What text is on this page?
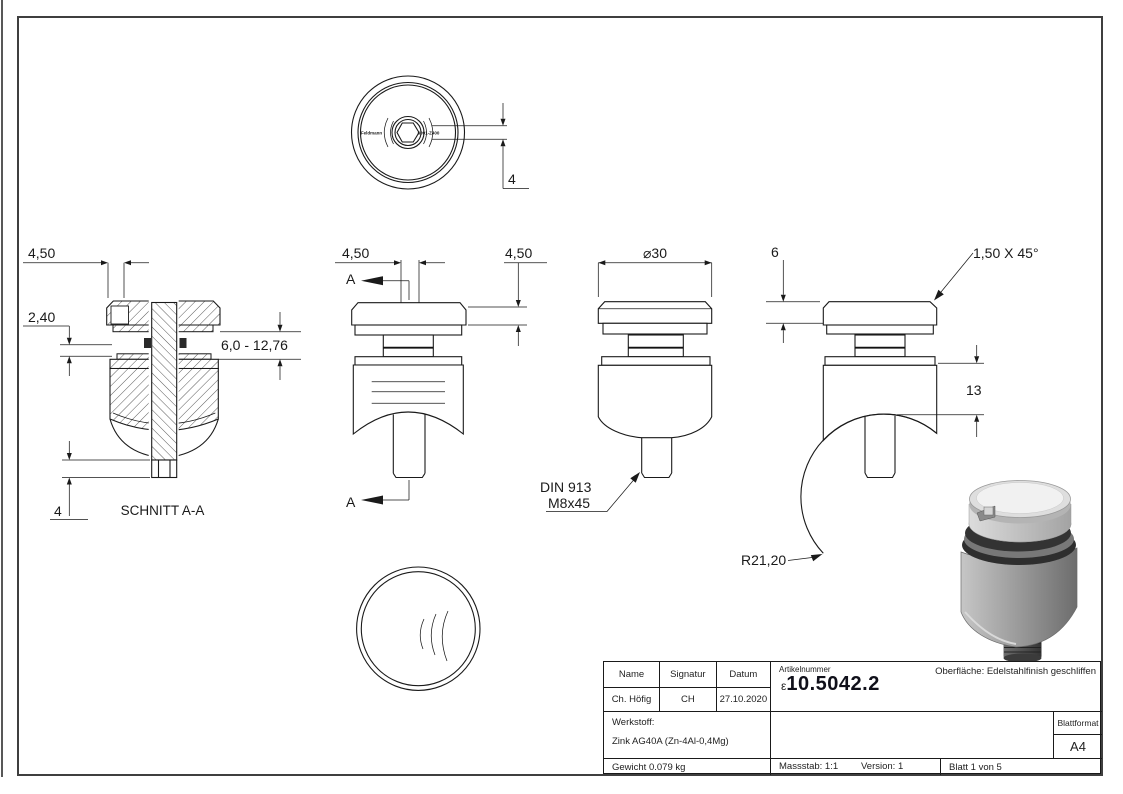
Feldmann	6091-Z400
4
4,50
2,40
6,0 - 12,76
4	SCHNITT A-A
4,50
A
A
4,50	⌀30
DIN 913
M8x45
6	1,50 X 45°
13
R21,20
Name	Signatur	Datum
Ch. Höfig	CH	27.10.2020
Artikelnummer
ε 10.5042.2
Oberfläche: Edelstahlfinish geschliffen
Werkstoff:
Zink AG40A (Zn-4Al-0,4Mg)
Blattformat
A4
Gewicht 0.079 kg	Massstab: 1:1 Version: 1	Blatt 1 von 5
